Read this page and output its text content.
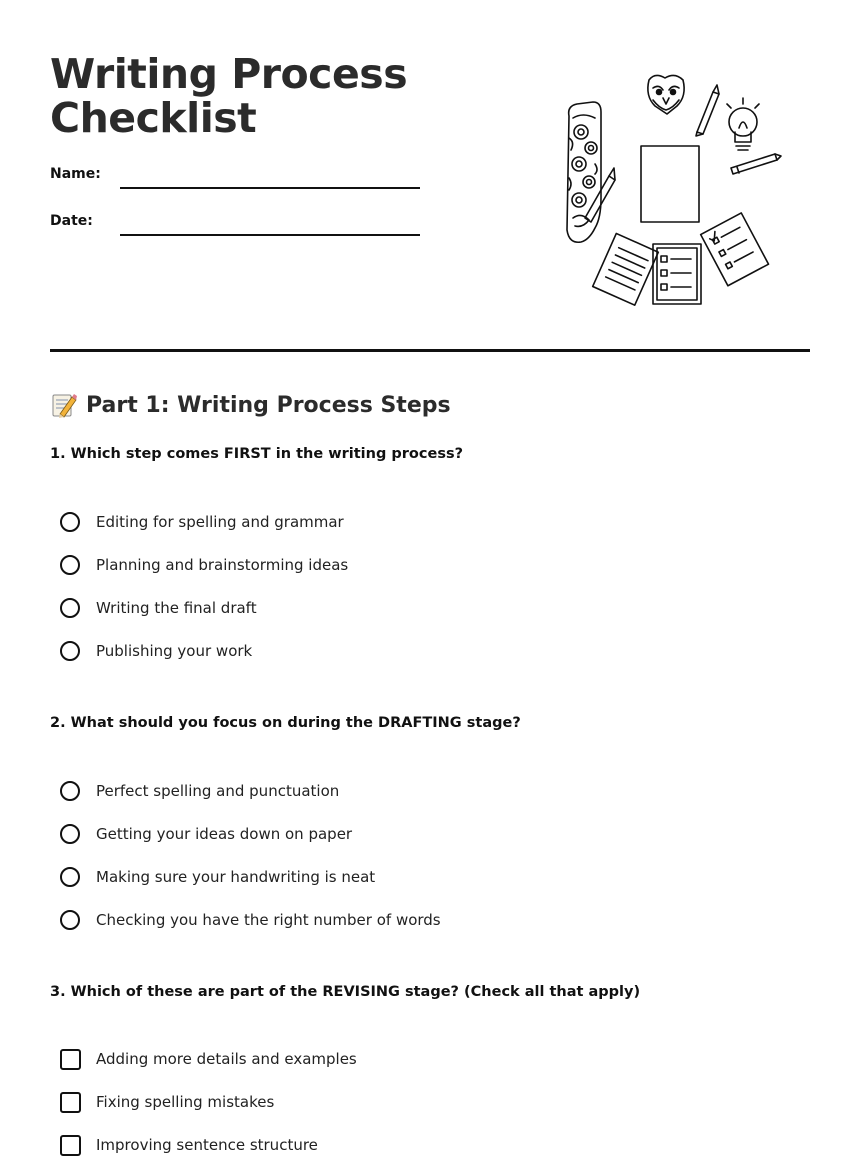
Writing Process Checklist
Name:
Date:
Part 1: Writing Process Steps
1. Which step comes FIRST in the writing process?
Editing for spelling and grammar
Planning and brainstorming ideas
Writing the final draft
Publishing your work
2. What should you focus on during the DRAFTING stage?
Perfect spelling and punctuation
Getting your ideas down on paper
Making sure your handwriting is neat
Checking you have the right number of words
3. Which of these are part of the REVISING stage? (Check all that apply)
Adding more details and examples
Fixing spelling mistakes
Improving sentence structure
